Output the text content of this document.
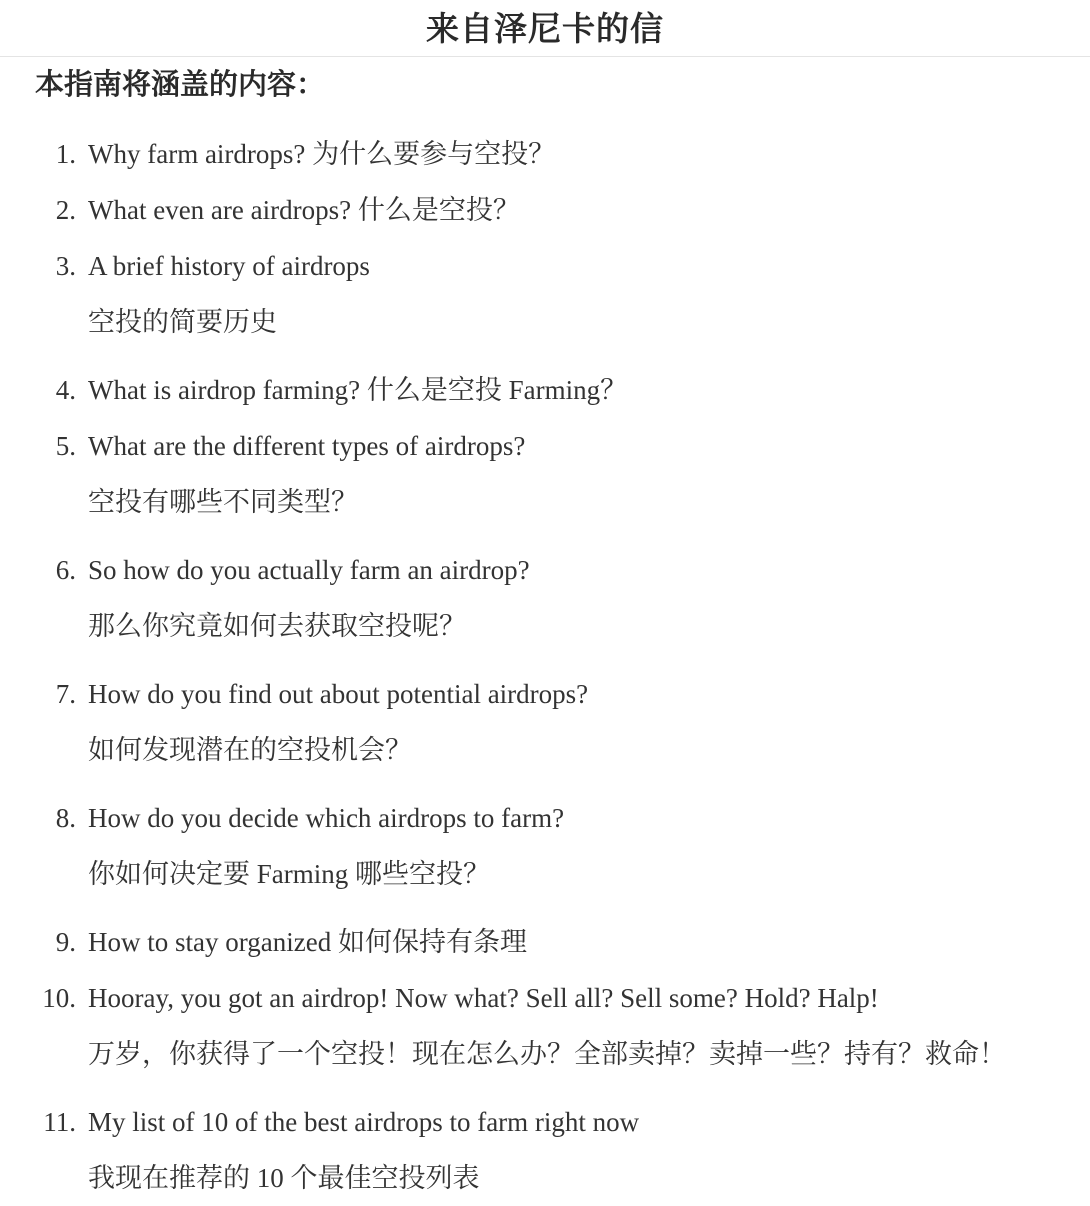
来自泽尼卡的信
本指南将涵盖的内容：
1. Why farm airdrops? 为什么要参与空投？
2. What even are airdrops? 什么是空投？
3. A brief history of airdrops
空投的简要历史
4. What is airdrop farming? 什么是空投 Farming？
5. What are the different types of airdrops?
空投有哪些不同类型？
6. So how do you actually farm an airdrop?
那么你究竟如何去获取空投呢？
7. How do you find out about potential airdrops?
如何发现潜在的空投机会？
8. How do you decide which airdrops to farm?
你如何决定要 Farming 哪些空投？
9. How to stay organized 如何保持有条理
10. Hooray, you got an airdrop! Now what? Sell all? Sell some? Hold? Halp!
万岁，你获得了一个空投！现在怎么办？全部卖掉？卖掉一些？持有？救命！
11. My list of 10 of the best airdrops to farm right now
我现在推荐的 10 个最佳空投列表
